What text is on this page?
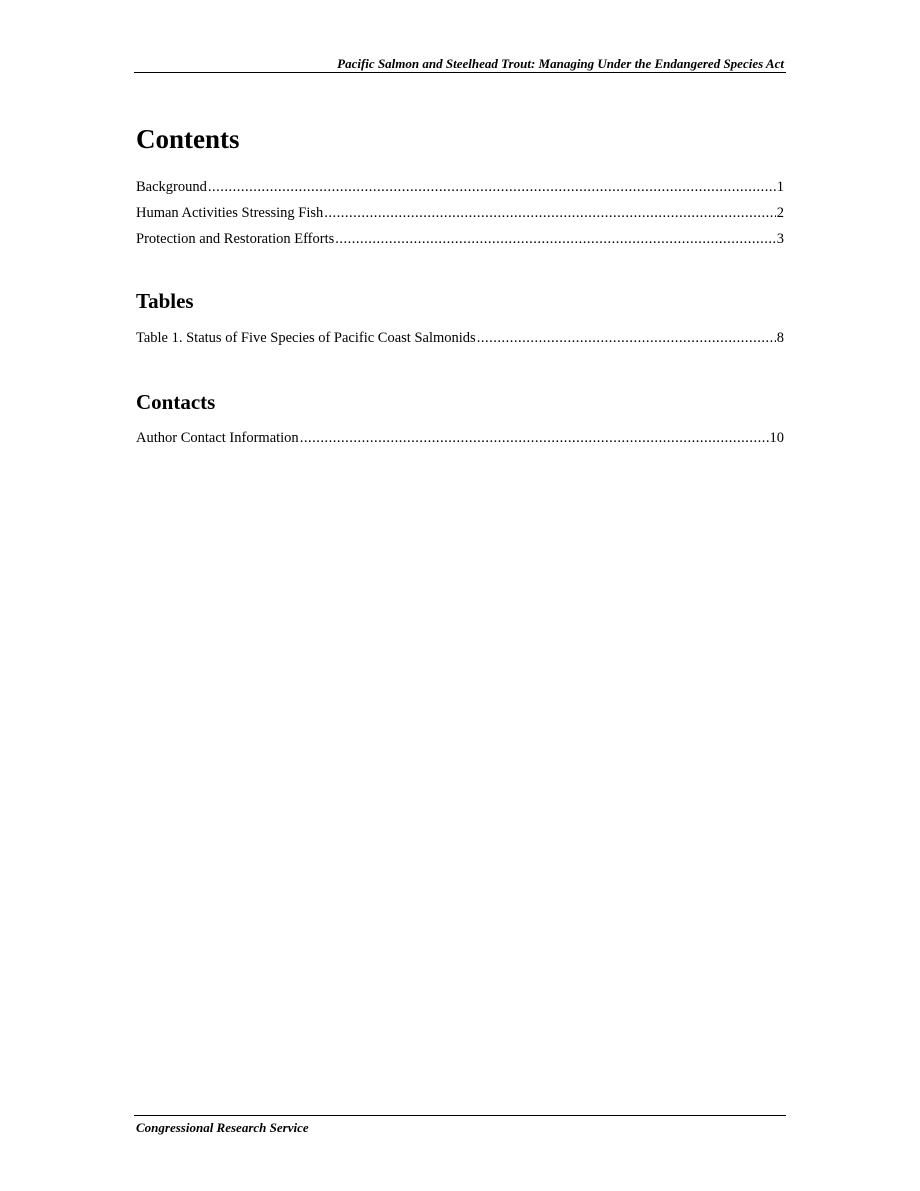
Pacific Salmon and Steelhead Trout: Managing Under the Endangered Species Act
Contents
Background .....	1
Human Activities Stressing Fish .....	2
Protection and Restoration Efforts .....	3
Tables
Table 1. Status of Five Species of Pacific Coast Salmonids .....	8
Contacts
Author Contact Information .....	10
Congressional Research Service
